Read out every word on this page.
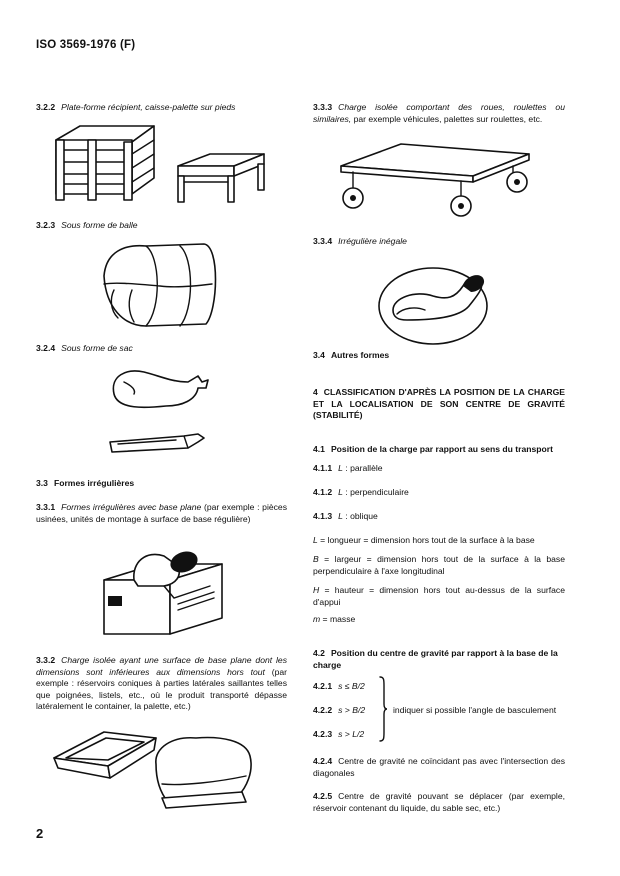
ISO 3569-1976 (F)
3.2.2 Plate-forme récipient, caisse-palette sur pieds
3.2.3 Sous forme de balle
3.2.4 Sous forme de sac
3.3 Formes irrégulières
3.3.1 Formes irrégulières avec base plane (par exemple : pièces usinées, unités de montage à surface de base régulière)
3.3.2 Charge isolée ayant une surface de base plane dont les dimensions sont inférieures aux dimensions hors tout (par exemple : réservoirs coniques à parties latérales saillantes telles que poignées, listels, etc., où le produit transporté dépasse latéralement le container, la palette, etc.)
3.3.3 Charge isolée comportant des roues, roulettes ou similaires, par exemple véhicules, palettes sur roulettes, etc.
3.3.4 Irrégulière inégale
3.4 Autres formes
4 CLASSIFICATION D'APRÈS LA POSITION DE LA CHARGE ET LA LOCALISATION DE SON CENTRE DE GRAVITÉ (STABILITÉ)
4.1 Position de la charge par rapport au sens du transport
4.1.1 L : parallèle
4.1.2 L : perpendiculaire
4.1.3 L : oblique
L = longueur = dimension hors tout de la surface à la base
B = largeur = dimension hors tout de la surface à la base perpendiculaire à l'axe longitudinal
H = hauteur = dimension hors tout au-dessus de la surface d'appui
m = masse
4.2 Position du centre de gravité par rapport à la base de la charge
4.2.1 s ≤ B/2
4.2.2 s > B/2
4.2.3 s > L/2
indiquer si possible l'angle de basculement
4.2.4 Centre de gravité ne coïncidant pas avec l'intersection des diagonales
4.2.5 Centre de gravité pouvant se déplacer (par exemple, réservoir contenant du liquide, du sable sec, etc.)
2
